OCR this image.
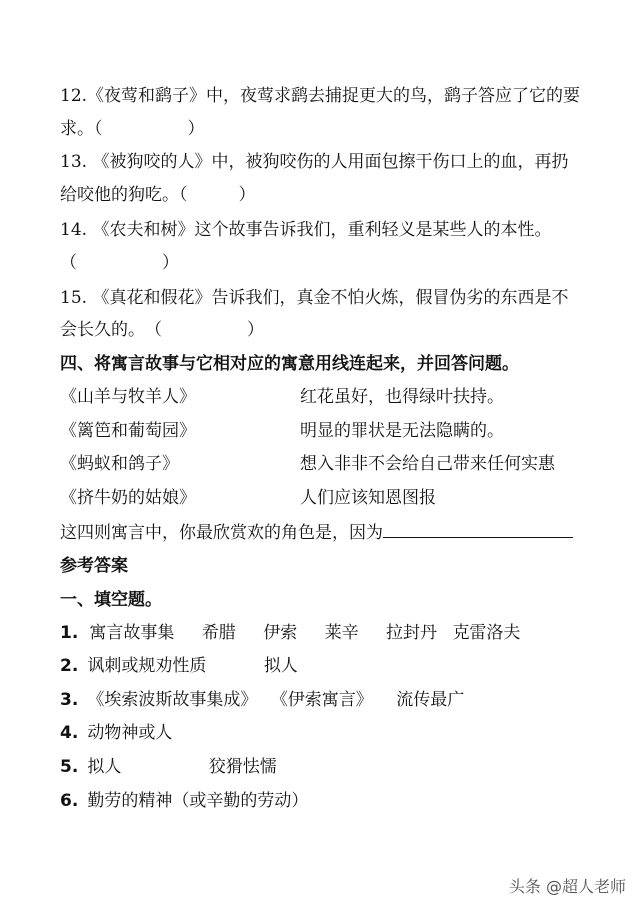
12.《夜莺和鹞子》中，夜莺求鹞去捕捉更大的鸟，鹞子答应了它的要
求。（　　　　　）
13. 《被狗咬的人》中，被狗咬伤的人用面包擦干伤口上的血，再扔
给咬他的狗吃。（　　　）
14. 《农夫和树》这个故事告诉我们，重利轻义是某些人的本性。
（　　　　　）
15. 《真花和假花》告诉我们，真金不怕火炼，假冒伪劣的东西是不
会长久的。　（　　　　　）
四、将寓言故事与它相对应的寓意用线连起来，并回答问题。
《山羊与牧羊人》	红花虽好，也得绿叶扶持。
《篱笆和葡萄园》	明显的罪状是无法隐瞒的。
《蚂蚁和鸽子》	想入非非不会给自己带来任何实惠
《挤牛奶的姑娘》	人们应该知恩图报
这四则寓言中，你最欣赏欢的角色是，因为
参考答案
一、填空题。
1. 寓言故事集 希腊 伊索 莱辛 拉封丹 克雷洛夫
2. 讽刺或规劝性质	拟人
3. 《埃索波斯故事集成》 《伊索寓言》 流传最广
4. 动物神或人
5. 拟人	狡猾怯懦
6. 勤劳的精神（或辛勤的劳动）
头条 @超人老师
